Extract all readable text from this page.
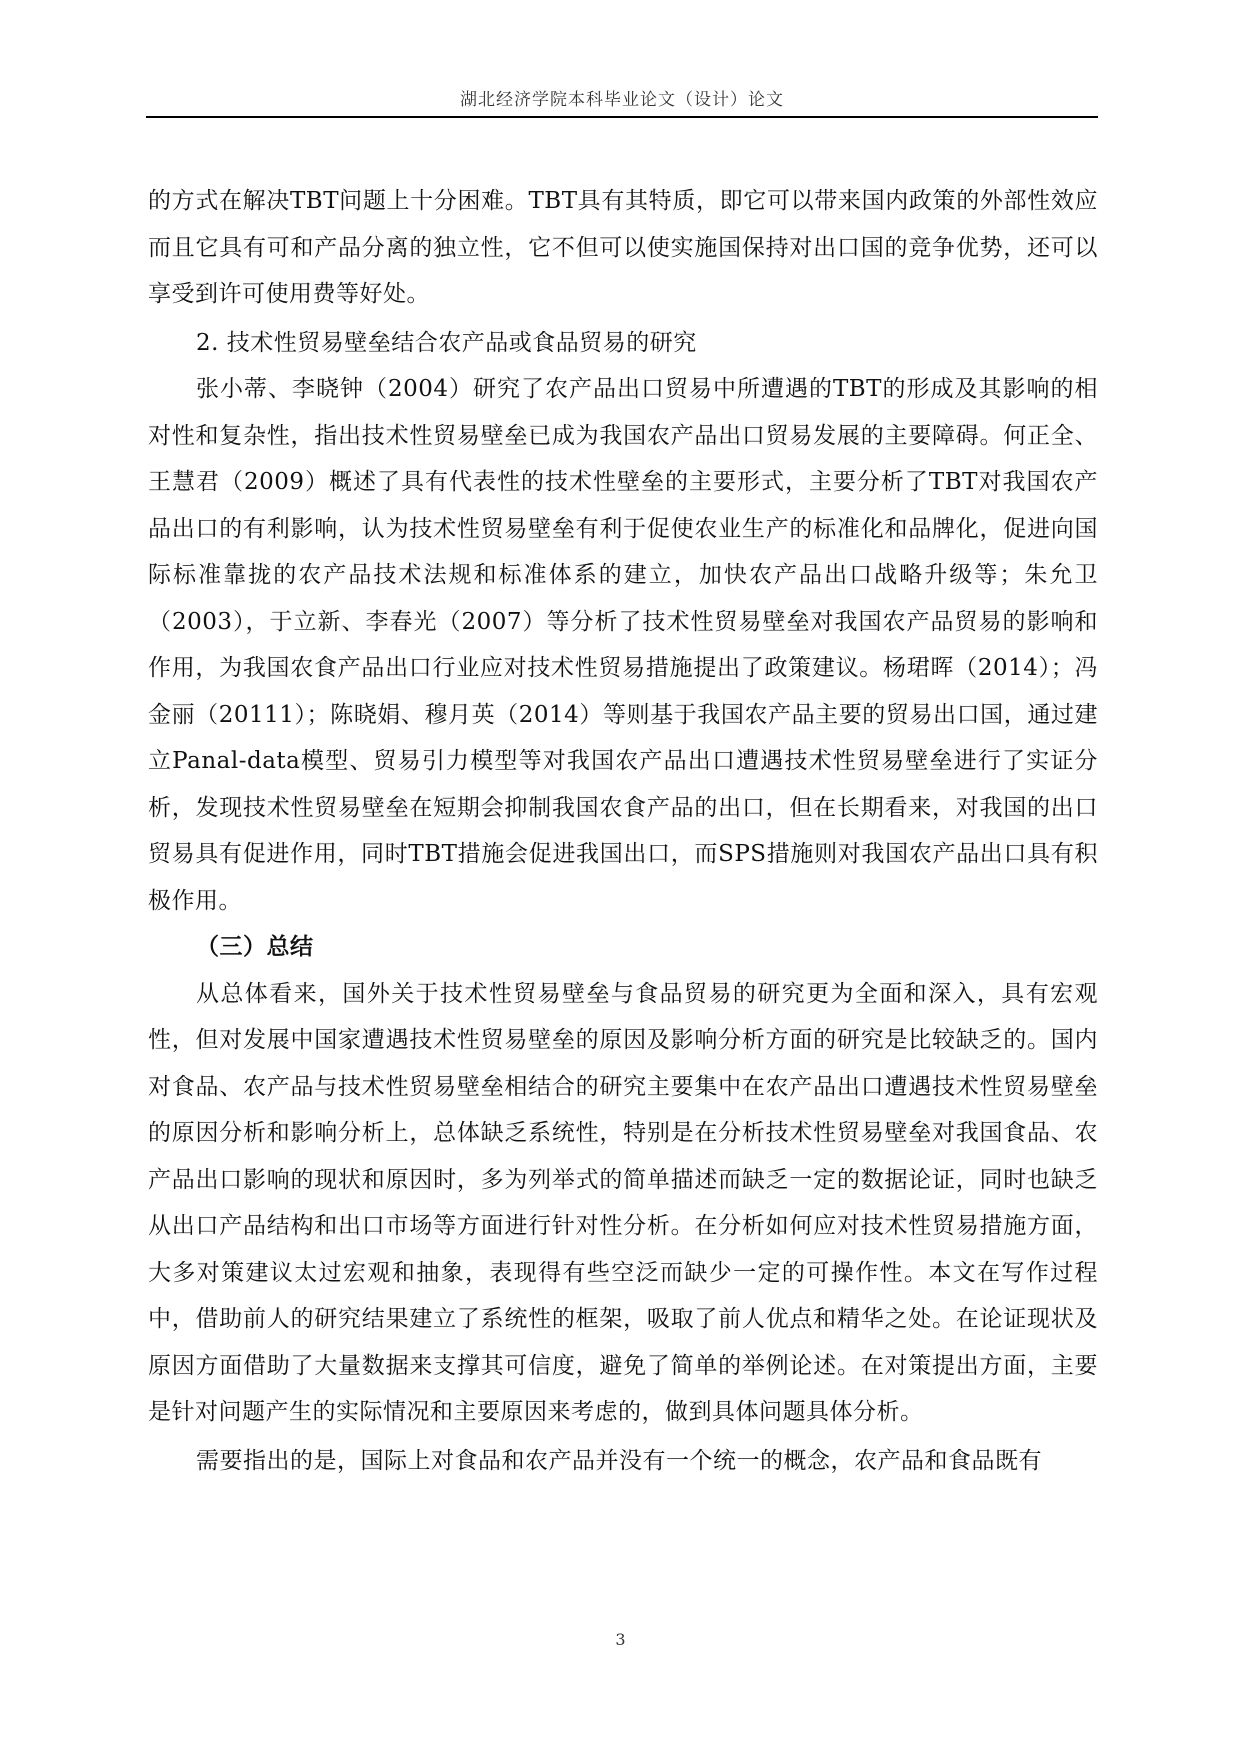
湖北经济学院本科毕业论文（设计）论文

的方式在解决TBT问题上十分困难。TBT具有其特质，即它可以带来国内政策的外部性效应而且它具有可和产品分离的独立性，它不但可以使实施国保持对出口国的竞争优势，还可以享受到许可使用费等好处。

2. 技术性贸易壁垒结合农产品或食品贸易的研究

张小蒂、李晓钟（2004）研究了农产品出口贸易中所遭遇的TBT的形成及其影响的相对性和复杂性，指出技术性贸易壁垒已成为我国农产品出口贸易发展的主要障碍。何正全、王慧君（2009）概述了具有代表性的技术性壁垒的主要形式，主要分析了TBT对我国农产品出口的有利影响，认为技术性贸易壁垒有利于促使农业生产的标准化和品牌化，促进向国际标准靠拢的农产品技术法规和标准体系的建立，加快农产品出口战略升级等；朱允卫（2003），于立新、李春光（2007）等分析了技术性贸易壁垒对我国农产品贸易的影响和作用，为我国农食产品出口行业应对技术性贸易措施提出了政策建议。杨珺晖（2014）；冯金丽（20111）；陈晓娟、穆月英（2014）等则基于我国农产品主要的贸易出口国，通过建立Panal-data模型、贸易引力模型等对我国农产品出口遭遇技术性贸易壁垒进行了实证分析，发现技术性贸易壁垒在短期会抑制我国农食产品的出口，但在长期看来，对我国的出口贸易具有促进作用，同时TBT措施会促进我国出口，而SPS措施则对我国农产品出口具有积极作用。

（三）总结

从总体看来，国外关于技术性贸易壁垒与食品贸易的研究更为全面和深入，具有宏观性，但对发展中国家遭遇技术性贸易壁垒的原因及影响分析方面的研究是比较缺乏的。国内对食品、农产品与技术性贸易壁垒相结合的研究主要集中在农产品出口遭遇技术性贸易壁垒的原因分析和影响分析上，总体缺乏系统性，特别是在分析技术性贸易壁垒对我国食品、农产品出口影响的现状和原因时，多为列举式的简单描述而缺乏一定的数据论证，同时也缺乏从出口产品结构和出口市场等方面进行针对性分析。在分析如何应对技术性贸易措施方面，大多对策建议太过宏观和抽象，表现得有些空泛而缺少一定的可操作性。本文在写作过程中，借助前人的研究结果建立了系统性的框架，吸取了前人优点和精华之处。在论证现状及原因方面借助了大量数据来支撑其可信度，避免了简单的举例论述。在对策提出方面，主要是针对问题产生的实际情况和主要原因来考虑的，做到具体问题具体分析。

需要指出的是，国际上对食品和农产品并没有一个统一的概念，农产品和食品既有

3
